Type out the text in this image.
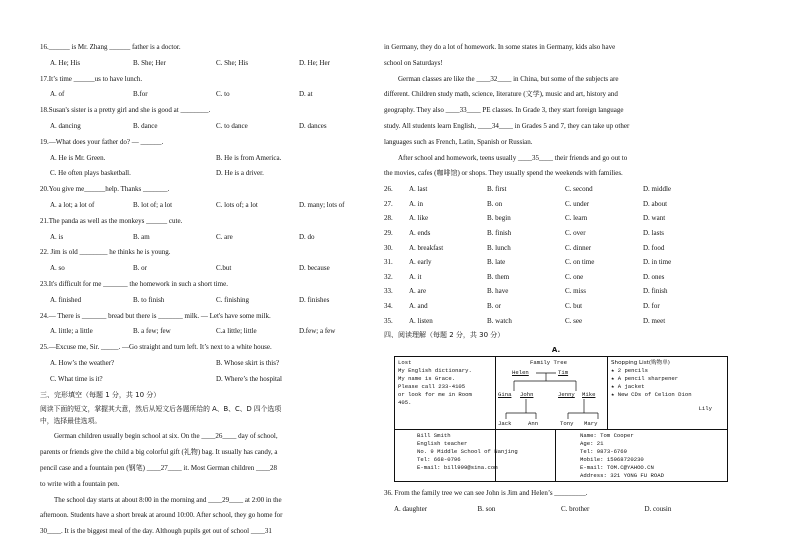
16.______ is Mr. Zhang ______ father is a doctor.
A. He; His	B. She; Her	C. She; His	D. He; Her
17.It’s time ______us to have lunch.
A. of	B.for	C. to	D. at
18.Susan's sister is a pretty girl and she is good at ________.
A. dancing	B. dance	C. to dance	D. dances
19.—What does your father do? — ______.
A. He is Mr. Green.	B. He is from America.
C. He often plays basketball.	D. He is a driver.
20.You give me______help. Thanks _______.
A. a lot; a lot of	B. lot of; a lot	C. lots of; a lot	D. many; lots of
21.The panda as well as the monkeys ______ cute.
A. is	B. am	C. are	D. do
22. Jim is old ________ he thinks he is young.
A. so	B. or	C.but	D. because
23.It's difficult for me _______ the homework in such a short time.
A. finished	B. to finish	C. finishing	D. finishes
24.— There is _______ bread but there is _______ milk. — Let's have some milk.
A. little; a little	B. a few; few	C.a little; little	D.few; a few
25.—Excuse me, Sir. _____. —Go straight and turn left. It’s next to a white house.
A. How’s the weather?	B. Whose skirt is this?
C. What time is it?	D. Where’s the hospital
三、完形填空（每题 1 分，共 10 分）
阅读下面的短文，掌握其大意，然后从短文后各题所给的 A、B、C、D 四个选项
中，选择最佳选项。
German children usually begin school at six. On the ____26____ day of school,
parents or friends give the child a big colorful gift (礼物) bag. It usually has candy, a
pencil case and a fountain pen (钢笔) ____27____ it. Most German children ____28
to write with a fountain pen.
The school day starts at about 8:00 in the morning and ____29____ at 2:00 in the
afternoon. Students have a short break at around 10:00. After school, they go home for
30____. It is the biggest meal of the day. Although pupils get out of school ____31
in Germany, they do a lot of homework. In some states in Germany, kids also have
school on Saturdays!
German classes are like the ____32____ in China, but some of the subjects are
different. Children study math, science, literature (文学), music and art, history and
geography. They also ____33____ PE classes. In Grade 3, they start foreign language
study. All students learn English, ____34____ in Grades 5 and 7, they can take up other
languages such as French, Latin, Spanish or Russian.
After school and homework, teens usually ____35____ their friends and go out to
the movies, cafes (咖啡馆) or shops. They usually spend the weekends with families.
26.	A. last	B. first	C. second	D. middle
27.	A. in	B. on	C. under	D. about
28.	A. like	B. begin	C. learn	D. want
29.	A. ends	B. finish	C. over	D. lasts
30.	A. breakfast	B. lunch	C. dinner	D. food
31.	A. early	B. late	C. on time	D. in time
32.	A. it	B. them	C. one	D. ones
33.	A. are	B. have	C. miss	D. finish
34.	A. and	B. or	C. but	D. for
35.	A. listen	B. watch	C. see	D. meet
四、阅读理解（每题 2 分，共 30 分）
A.
Lost
My English dictionary.
My name is Grace.
Please call 233-4105
or look for me in Room
405.
Family Tree
Helen	Tim
Gina John	Jenny Mike
Jack	Ann	Tony Mary
Shopping List(购物单)
★ 2 pencils
★ A pencil sharpener
★ A jacket
★ New CDs of Celion Dion
Lily
Bill Smith
English teacher
No. 9 Middle School of Nanjing
Tel: 668-0796
E-mail: bill999@sina.com
Name: Tom Cooper
Age: 21
Tel: 9873-6769
Mobile: 15968720230
E-mail: TOM.C@YAHOO.CN
Address: 321 YONG FU ROAD
36. From the family tree we can see John is Jim and Helen’s _________.
A. daughter	B. son	C. brother	D. cousin
